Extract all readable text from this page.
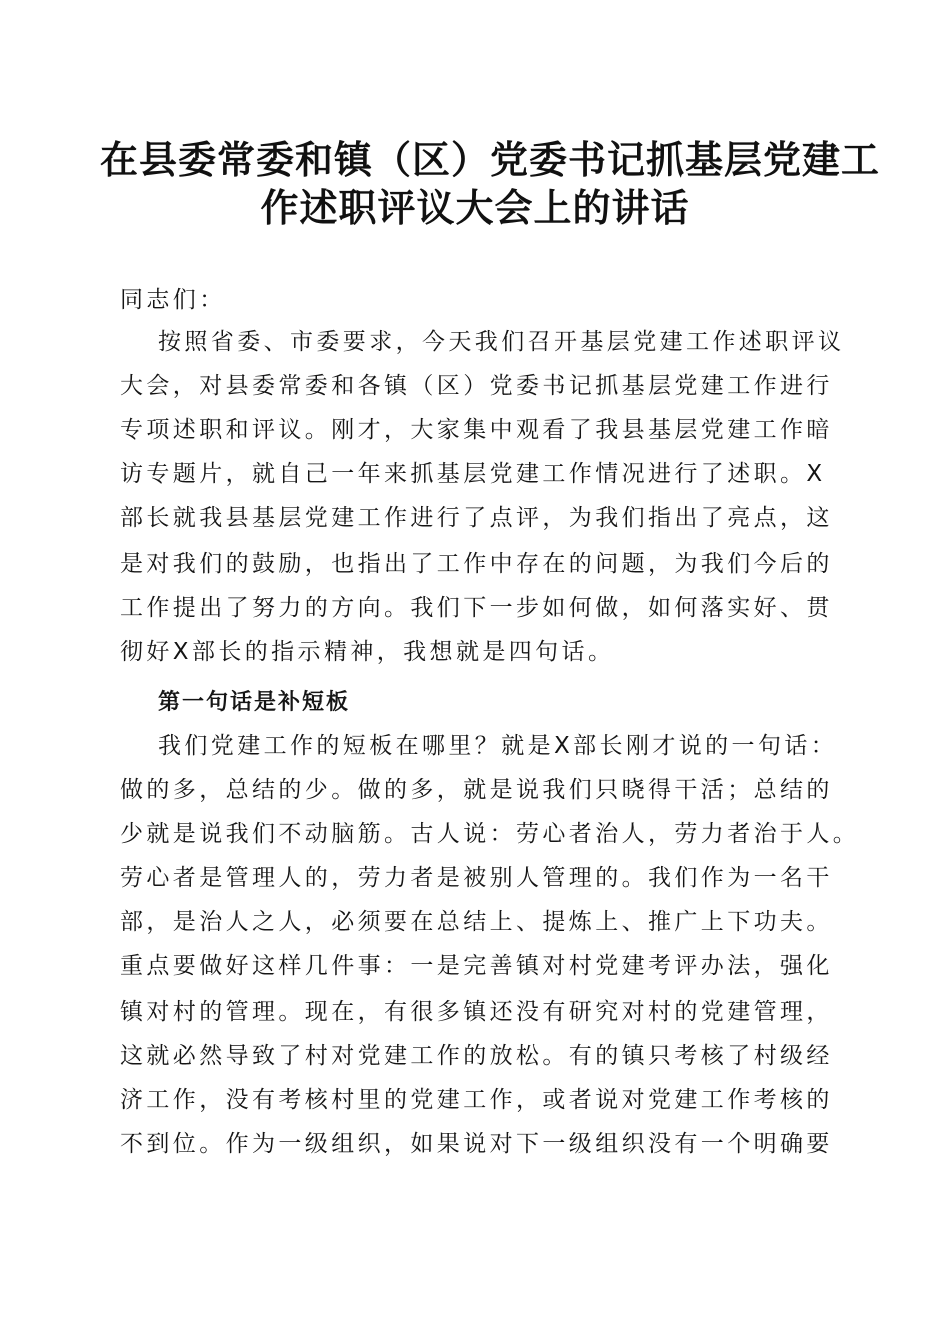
在县委常委和镇（区）党委书记抓基层党建工
作述职评议大会上的讲话

同志们：

按照省委、市委要求，今天我们召开基层党建工作述职评议

大会，对县委常委和各镇（区）党委书记抓基层党建工作进行

专项述职和评议。刚才，大家集中观看了我县基层党建工作暗

访专题片，就自己一年来抓基层党建工作情况进行了述职。X

部长就我县基层党建工作进行了点评，为我们指出了亮点，这

是对我们的鼓励，也指出了工作中存在的问题，为我们今后的

工作提出了努力的方向。我们下一步如何做，如何落实好、贯

彻好X部长的指示精神，我想就是四句话。

第一句话是补短板

我们党建工作的短板在哪里？就是X部长刚才说的一句话：

做的多，总结的少。做的多，就是说我们只晓得干活；总结的

少就是说我们不动脑筋。古人说：劳心者治人，劳力者治于人。

劳心者是管理人的，劳力者是被别人管理的。我们作为一名干

部，是治人之人，必须要在总结上、提炼上、推广上下功夫。

重点要做好这样几件事：一是完善镇对村党建考评办法，强化

镇对村的管理。现在，有很多镇还没有研究对村的党建管理，

这就必然导致了村对党建工作的放松。有的镇只考核了村级经

济工作，没有考核村里的党建工作，或者说对党建工作考核的

不到位。作为一级组织，如果说对下一级组织没有一个明确要
